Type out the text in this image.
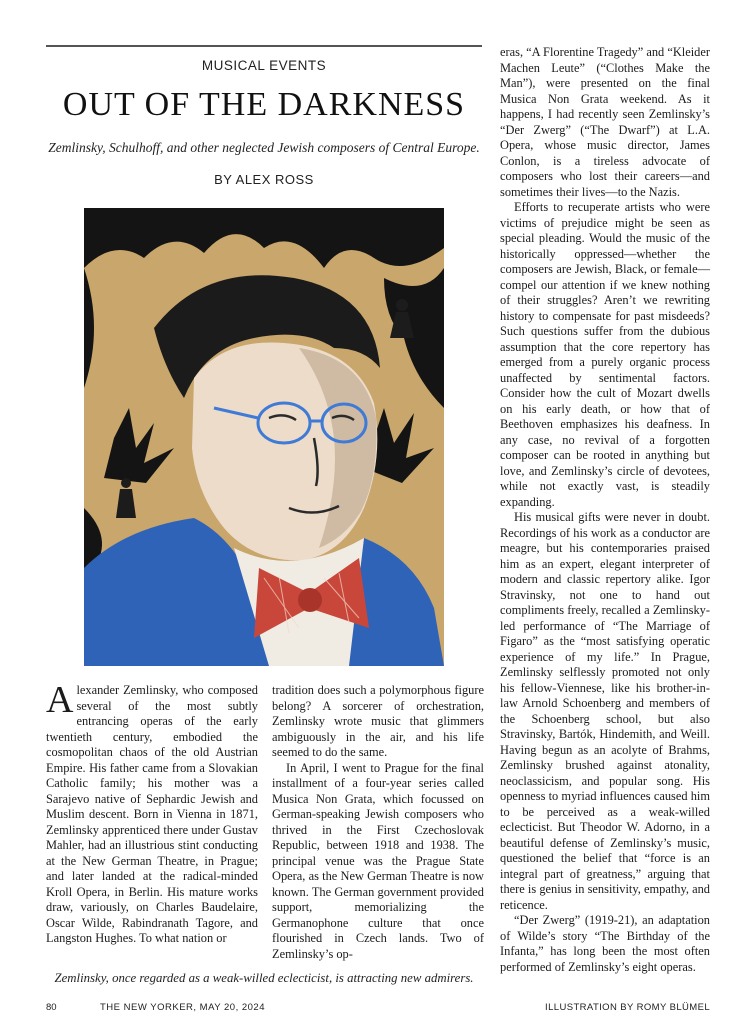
MUSICAL EVENTS
OUT OF THE DARKNESS
Zemlinsky, Schulhoff, and other neglected Jewish composers of Central Europe.
BY ALEX ROSS

Alexander Zemlinsky, who composed several of the most subtly entrancing operas of the early twentieth century, embodied the cosmopolitan chaos of the old Austrian Empire. His father came from a Slovakian Catholic family; his mother was a Sarajevo native of Sephardic Jewish and Muslim descent. Born in Vienna in 1871, Zemlinsky apprenticed there under Gustav Mahler, had an illustrious stint conducting at the New German Theatre, in Prague; and later landed at the radical-minded Kroll Opera, in Berlin. His mature works draw, variously, on Charles Baudelaire, Oscar Wilde, Rabindranath Tagore, and Langston Hughes. To what nation or

tradition does such a polymorphous figure belong? A sorcerer of orchestration, Zemlinsky wrote music that glimmers ambiguously in the air, and his life seemed to do the same.

In April, I went to Prague for the final installment of a four-year series called Musica Non Grata, which focussed on German-speaking Jewish composers who thrived in the First Czechoslovak Republic, between 1918 and 1938. The principal venue was the Prague State Opera, as the New German Theatre is now known. The German government provided support, memorializing the Germanophone culture that once flourished in Czech lands. Two of Zemlinsky’s op-

eras, “A Florentine Tragedy” and “Kleider Machen Leute” (“Clothes Make the Man”), were presented on the final Musica Non Grata weekend. As it happens, I had recently seen Zemlinsky’s “Der Zwerg” (“The Dwarf”) at L.A. Opera, whose music director, James Conlon, is a tireless advocate of composers who lost their careers—and sometimes their lives—to the Nazis.

Efforts to recuperate artists who were victims of prejudice might be seen as special pleading. Would the music of the historically oppressed—whether the composers are Jewish, Black, or female—compel our attention if we knew nothing of their struggles? Aren’t we rewriting history to compensate for past misdeeds? Such questions suffer from the dubious assumption that the core repertory has emerged from a purely organic process unaffected by sentimental factors. Consider how the cult of Mozart dwells on his early death, or how that of Beethoven emphasizes his deafness. In any case, no revival of a forgotten composer can be rooted in anything but love, and Zemlinsky’s circle of devotees, while not exactly vast, is steadily expanding.

His musical gifts were never in doubt. Recordings of his work as a conductor are meagre, but his contemporaries praised him as an expert, elegant interpreter of modern and classic repertory alike. Igor Stravinsky, not one to hand out compliments freely, recalled a Zemlinsky-led performance of “The Marriage of Figaro” as the “most satisfying operatic experience of my life.” In Prague, Zemlinsky selflessly promoted not only his fellow-Viennese, like his brother-in-law Arnold Schoenberg and members of the Schoenberg school, but also Stravinsky, Bartók, Hindemith, and Weill. Having begun as an acolyte of Brahms, Zemlinsky brushed against atonality, neoclassicism, and popular song. His openness to myriad influences caused him to be perceived as a weak-willed eclecticist. But Theodor W. Adorno, in a beautiful defense of Zemlinsky’s music, questioned the belief that “force is an integral part of greatness,” arguing that there is genius in sensitivity, empathy, and reticence.

“Der Zwerg” (1919-21), an adaptation of Wilde’s story “The Birthday of the Infanta,” has long been the most often performed of Zemlinsky’s eight operas.

Zemlinsky, once regarded as a weak-willed eclecticist, is attracting new admirers.
80	THE NEW YORKER, MAY 20, 2024	ILLUSTRATION BY ROMY BLÜMEL
